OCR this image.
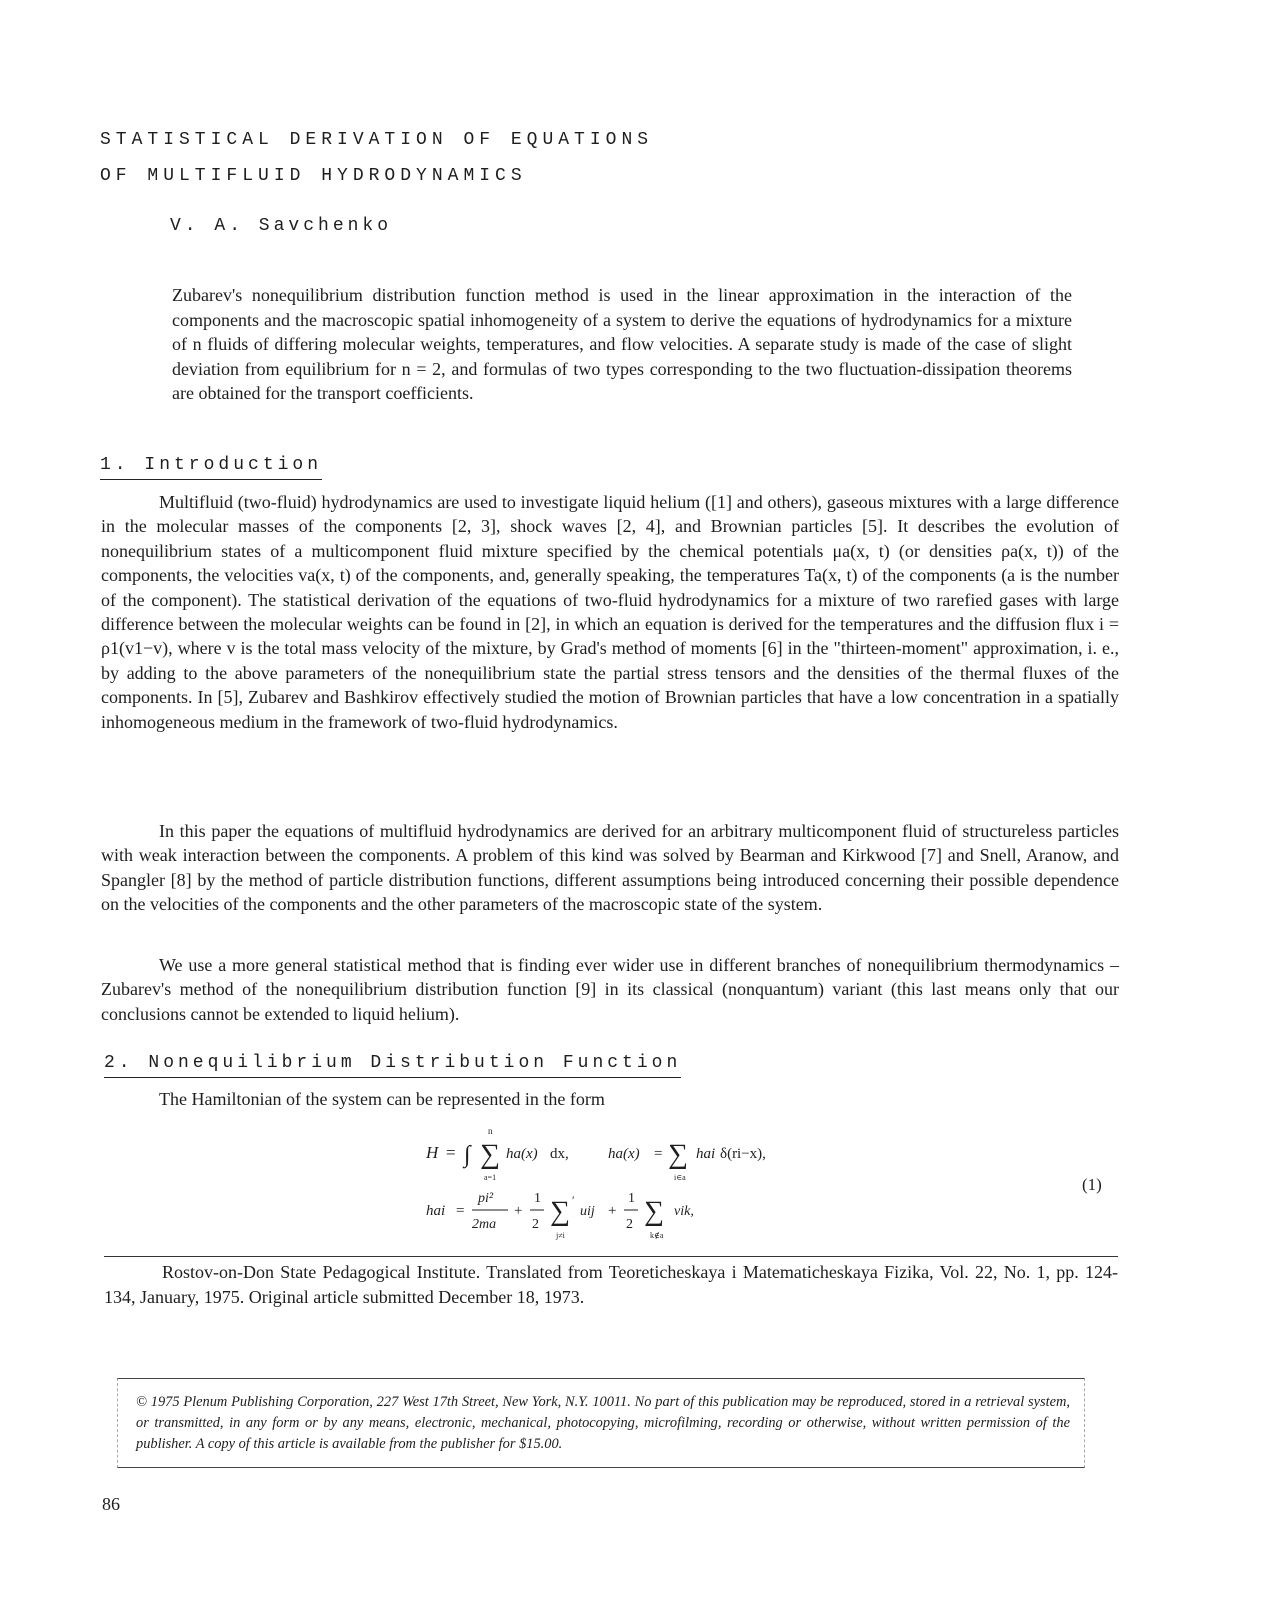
STATISTICAL DERIVATION OF EQUATIONS
OF MULTIFLUID HYDRODYNAMICS

V. A. Savchenko

Zubarev's nonequilibrium distribution function method is used in the linear approximation in the interaction of the components and the macroscopic spatial inhomogeneity of a system to derive the equations of hydrodynamics for a mixture of n fluids of differing molecular weights, temperatures, and flow velocities. A separate study is made of the case of slight deviation from equilibrium for n = 2, and formulas of two types corresponding to the two fluctuation-dissipation theorems are obtained for the transport coefficients.

1. Introduction

Multifluid (two-fluid) hydrodynamics are used to investigate liquid helium ([1] and others), gaseous mixtures with a large difference in the molecular masses of the components [2, 3], shock waves [2, 4], and Brownian particles [5]. It describes the evolution of nonequilibrium states of a multicomponent fluid mixture specified by the chemical potentials μa(x, t) (or densities ρa(x, t)) of the components, the velocities va(x, t) of the components, and, generally speaking, the temperatures Ta(x, t) of the components (a is the number of the component). The statistical derivation of the equations of two-fluid hydrodynamics for a mixture of two rarefied gases with large difference between the molecular weights can be found in [2], in which an equation is derived for the temperatures and the diffusion flux i = ρ1(v1−v), where v is the total mass velocity of the mixture, by Grad's method of moments [6] in the "thirteen-moment" approximation, i. e., by adding to the above parameters of the nonequilibrium state the partial stress tensors and the densities of the thermal fluxes of the components. In [5], Zubarev and Bashkirov effectively studied the motion of Brownian particles that have a low concentration in a spatially inhomogeneous medium in the framework of two-fluid hydrodynamics.

In this paper the equations of multifluid hydrodynamics are derived for an arbitrary multicomponent fluid of structureless particles with weak interaction between the components. A problem of this kind was solved by Bearman and Kirkwood [7] and Snell, Aranow, and Spangler [8] by the method of particle distribution functions, different assumptions being introduced concerning their possible dependence on the velocities of the components and the other parameters of the macroscopic state of the system.

We use a more general statistical method that is finding ever wider use in different branches of nonequilibrium thermodynamics – Zubarev's method of the nonequilibrium distribution function [9] in its classical (nonquantum) variant (this last means only that our conclusions cannot be extended to liquid helium).

2. Nonequilibrium Distribution Function

The Hamiltonian of the system can be represented in the form

H = ∫
n
∑
a=1
ha(x) dx,	ha(x) = ∑
i∈a
hai δ(ri−x),
hai =
pi²
2ma
+
1
2 ∑ ′
j≠i
uij +
1
2 ∑
k∉a
vik,
(1)

Rostov-on-Don State Pedagogical Institute. Translated from Teoreticheskaya i Matematicheskaya Fizika, Vol. 22, No. 1, pp. 124-134, January, 1975. Original article submitted December 18, 1973.

© 1975 Plenum Publishing Corporation, 227 West 17th Street, New York, N.Y. 10011. No part of this publication may be reproduced, stored in a retrieval system, or transmitted, in any form or by any means, electronic, mechanical, photocopying, microfilming, recording or otherwise, without written permission of the publisher. A copy of this article is available from the publisher for $15.00.

86
